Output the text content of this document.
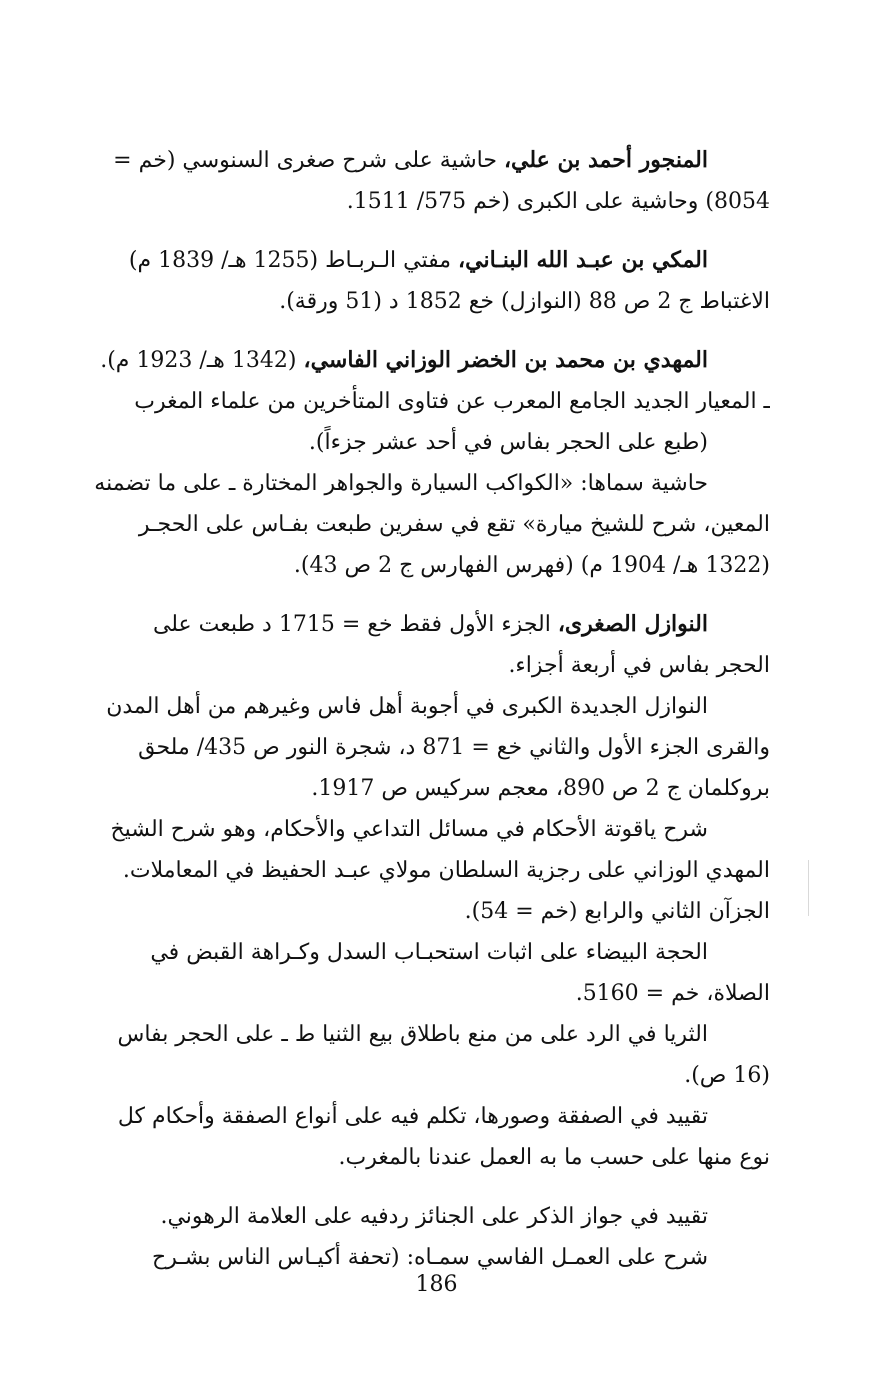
المنجور أحمد بن علي، حاشية على شرح صغرى السنوسي (خم =
8054) وحاشية على الكبرى (خم 575/ 1511.
المكي بن عبـد الله البنـاني، مفتي الـربـاط (1255 هـ/ 1839 م)
الاغتباط ج 2 ص 88 (النوازل) خع 1852 د (51 ورقة).
المهدي بن محمد بن الخضر الوزاني الفاسي، (1342 هـ/ 1923 م).
ـ المعيار الجديد الجامع المعرب عن فتاوى المتأخرين من علماء المغرب
(طبع على الحجر بفاس في أحد عشر جزءاً).
حاشية سماها: «الكواكب السيارة والجواهر المختارة ـ على ما تضمنه
المعين، شرح للشيخ ميارة» تقع في سفرين طبعت بفـاس على الحجـر
(1322 هـ/ 1904 م) (فهرس الفهارس ج 2 ص 43).
النوازل الصغرى، الجزء الأول فقط خع = 1715 د طبعت على
الحجر بفاس في أربعة أجزاء.
النوازل الجديدة الكبرى في أجوبة أهل فاس وغيرهم من أهل المدن
والقرى الجزء الأول والثاني خع = 871 د، شجرة النور ص 435/ ملحق
بروكلمان ج 2 ص 890، معجم سركيس ص 1917.
شرح ياقوتة الأحكام في مسائل التداعي والأحكام، وهو شرح الشيخ
المهدي الوزاني على رجزية السلطان مولاي عبـد الحفيظ في المعاملات.
الجزآن الثاني والرابع (خم = 54).
الحجة البيضاء على اثبات استحبـاب السدل وكـراهة القبض في
الصلاة، خم = 5160.
الثريا في الرد على من منع باطلاق بيع الثنيا ط ـ على الحجر بفاس
(16 ص).
تقييد في الصفقة وصورها، تكلم فيه على أنواع الصفقة وأحكام كل
نوع منها على حسب ما به العمل عندنا بالمغرب.
تقييد في جواز الذكر على الجنائز ردفيه على العلامة الرهوني.
شرح على العمـل الفاسي سمـاه: (تحفة أكيـاس الناس بشـرح
186
